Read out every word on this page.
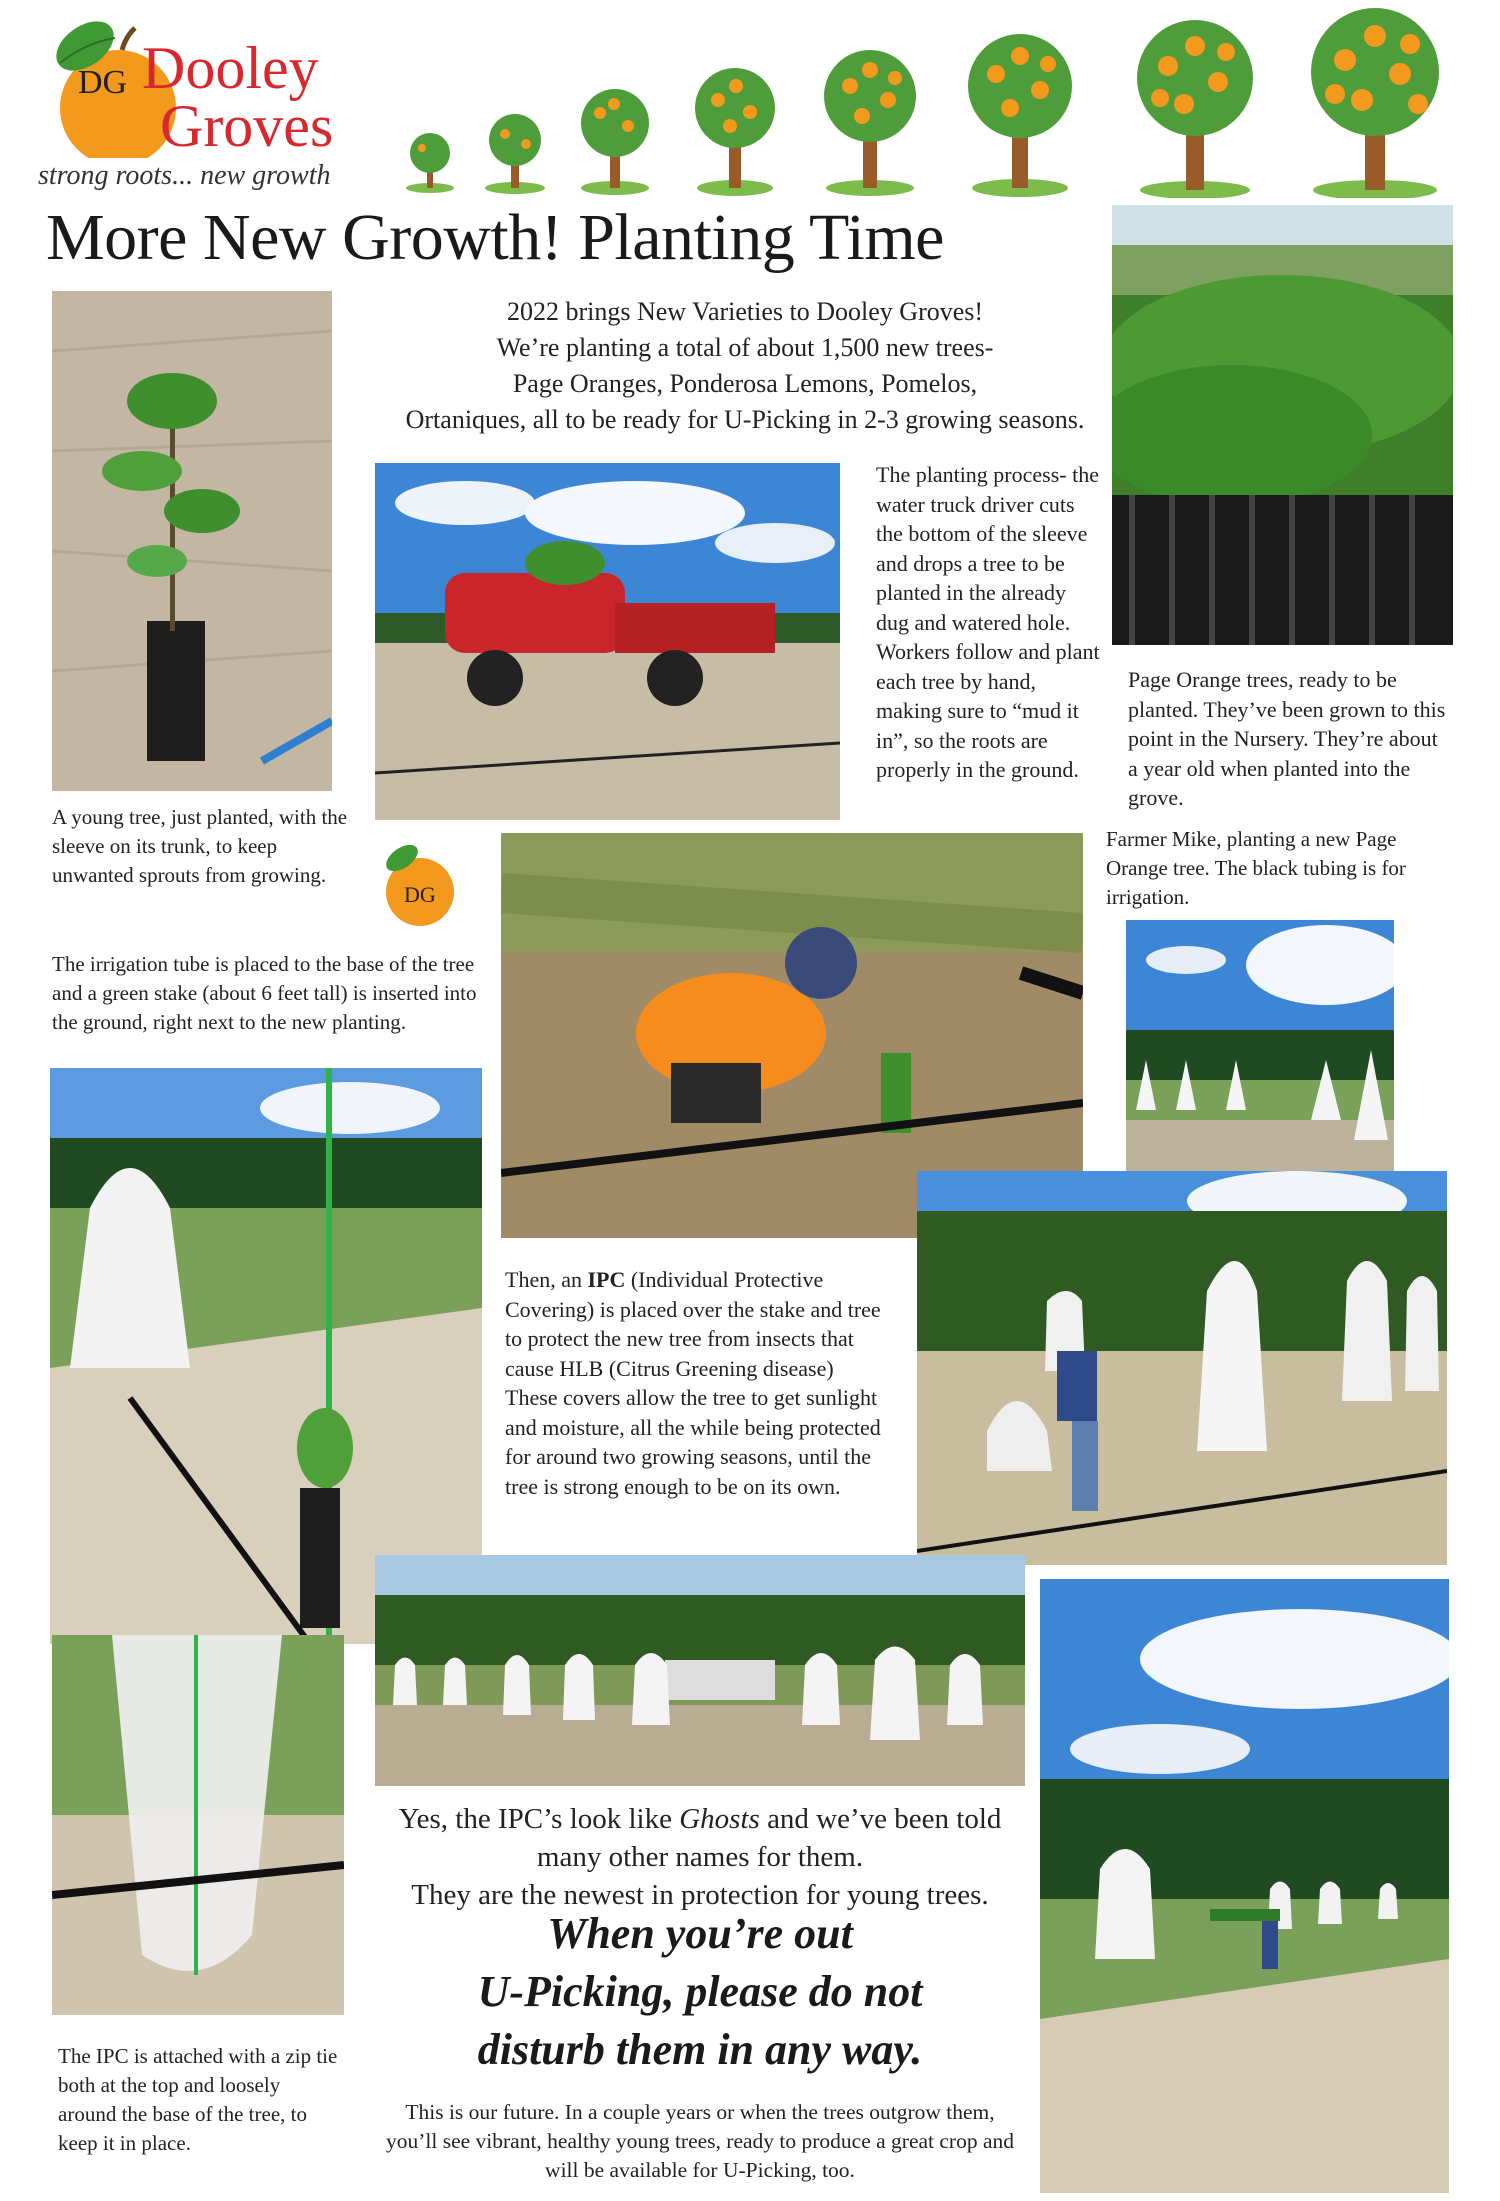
DG Dooley
Groves
strong roots... new growth
More New Growth! Planting Time
A young tree, just planted, with the sleeve on its trunk, to keep unwanted sprouts from growing.
DG
2022 brings New Varieties to Dooley Groves!
We’re planting a total of about 1,500 new trees-
Page Oranges, Ponderosa Lemons, Pomelos,
Ortaniques, all to be ready for U-Picking in 2-3 growing seasons.
The planting process- the water truck driver cuts the bottom of the sleeve and drops a tree to be planted in the already dug and watered hole. Workers follow and plant each tree by hand, making sure to “mud it in”, so the roots are properly in the ground.
Page Orange trees, ready to be planted. They’ve been grown to this point in the Nursery. They’re about a year old when planted into the grove.
Farmer Mike, planting a new Page Orange tree. The black tubing is for irrigation.
The irrigation tube is placed to the base of the tree and a green stake (about 6 feet tall) is inserted into the ground, right next to the new planting.
Then, an IPC (Individual Protective Covering) is placed over the stake and tree to protect the new tree from insects that cause HLB (Citrus Greening disease) These covers allow the tree to get sunlight and moisture, all the while being protected for around two growing seasons, until the tree is strong enough to be on its own.
Yes, the IPC’s look like Ghosts and we’ve been told
many other names for them.
They are the newest in protection for young trees.
When you’re out
U-Picking, please do not
disturb them in any way.
The IPC is attached with a zip tie both at the top and loosely around the base of the tree, to keep it in place.
This is our future. In a couple years or when the trees outgrow them, you’ll see vibrant, healthy young trees, ready to produce a great crop and will be available for U-Picking, too.
